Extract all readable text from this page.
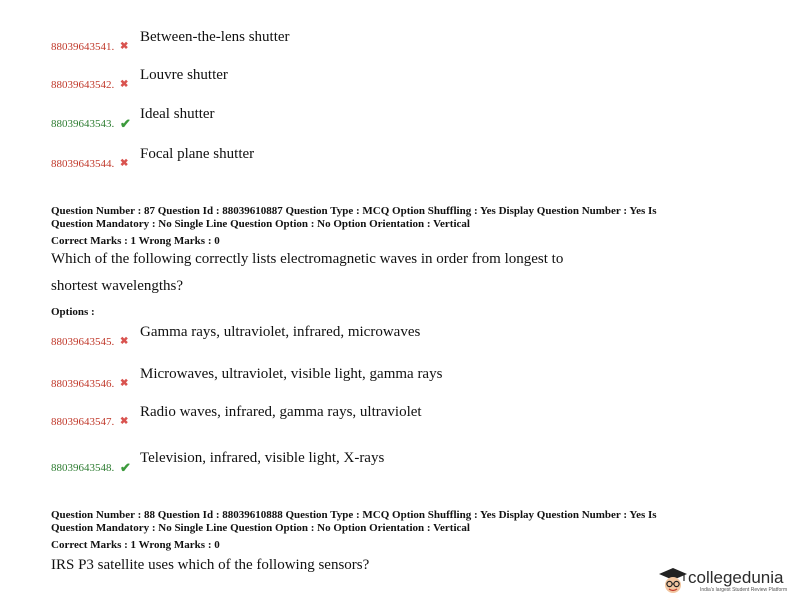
88039643541. ✖
Between-the-lens shutter
88039643542. ✖
Louvre shutter
88039643543. ✔
Ideal shutter
88039643544. ✖
Focal plane shutter
Question Number : 87 Question Id : 88039610887 Question Type : MCQ Option Shuffling : Yes Display Question Number : Yes Is
Question Mandatory : No Single Line Question Option : No Option Orientation : Vertical
Correct Marks : 1 Wrong Marks : 0
Which of the following correctly lists electromagnetic waves in order from longest to
shortest wavelengths?
Options :
88039643545. ✖
Gamma rays, ultraviolet, infrared, microwaves
88039643546. ✖
Microwaves, ultraviolet, visible light, gamma rays
88039643547. ✖
Radio waves, infrared, gamma rays, ultraviolet
88039643548. ✔
Television, infrared, visible light, X-rays
Question Number : 88 Question Id : 88039610888 Question Type : MCQ Option Shuffling : Yes Display Question Number : Yes Is
Question Mandatory : No Single Line Question Option : No Option Orientation : Vertical
Correct Marks : 1 Wrong Marks : 0
IRS P3 satellite uses which of the following sensors?
collegedunia
India's largest Student Review Platform
